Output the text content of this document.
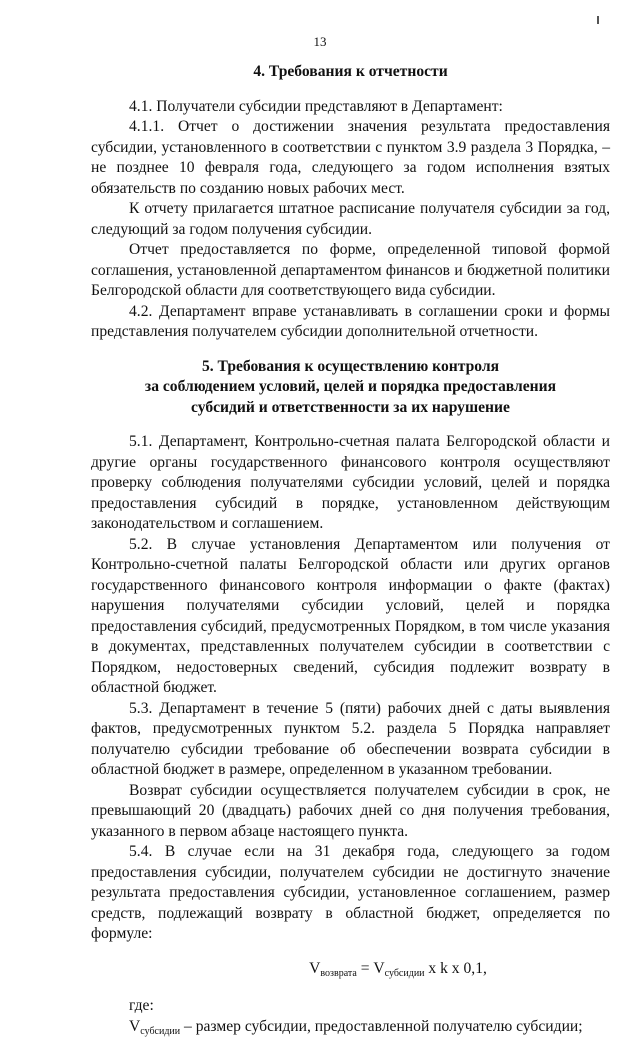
13

4. Требования к отчетности

4.1. Получатели субсидии представляют в Департамент:

4.1.1. Отчет о достижении значения результата предоставления субсидии, установленного в соответствии с пунктом 3.9 раздела 3 Порядка, – не позднее 10 февраля года, следующего за годом исполнения взятых обязательств по созданию новых рабочих мест.

К отчету прилагается штатное расписание получателя субсидии за год, следующий за годом получения субсидии.

Отчет предоставляется по форме, определенной типовой формой соглашения, установленной департаментом финансов и бюджетной политики Белгородской области для соответствующего вида субсидии.

4.2. Департамент вправе устанавливать в соглашении сроки и формы представления получателем субсидии дополнительной отчетности.

5. Требования к осуществлению контроля

за соблюдением условий, целей и порядка предоставления

субсидий и ответственности за их нарушение

5.1. Департамент, Контрольно-счетная палата Белгородской области и другие органы государственного финансового контроля осуществляют проверку соблюдения получателями субсидии условий, целей и порядка предоставления субсидий в порядке, установленном действующим законодательством и соглашением.

5.2. В случае установления Департаментом или получения от Контрольно-счетной палаты Белгородской области или других органов государственного финансового контроля информации о факте (фактах) нарушения получателями субсидии условий, целей и порядка предоставления субсидий, предусмотренных Порядком, в том числе указания в документах, представленных получателем субсидии в соответствии с Порядком, недостоверных сведений, субсидия подлежит возврату в областной бюджет.

5.3. Департамент в течение 5 (пяти) рабочих дней с даты выявления фактов, предусмотренных пунктом 5.2. раздела 5 Порядка направляет получателю субсидии требование об обеспечении возврата субсидии в областной бюджет в размере, определенном в указанном требовании.

Возврат субсидии осуществляется получателем субсидии в срок, не превышающий 20 (двадцать) рабочих дней со дня получения требования, указанного в первом абзаце настоящего пункта.

5.4. В случае если на 31 декабря года, следующего за годом предоставления субсидии, получателем субсидии не достигнуто значение результата предоставления субсидии, установленное соглашением, размер средств, подлежащий возврату в областной бюджет, определяется по формуле:

$V_{возврата} = V_{субсидии}$ x k x 0,1,

где:

$V_{субсидии}$ – размер субсидии, предоставленной получателю субсидии;
